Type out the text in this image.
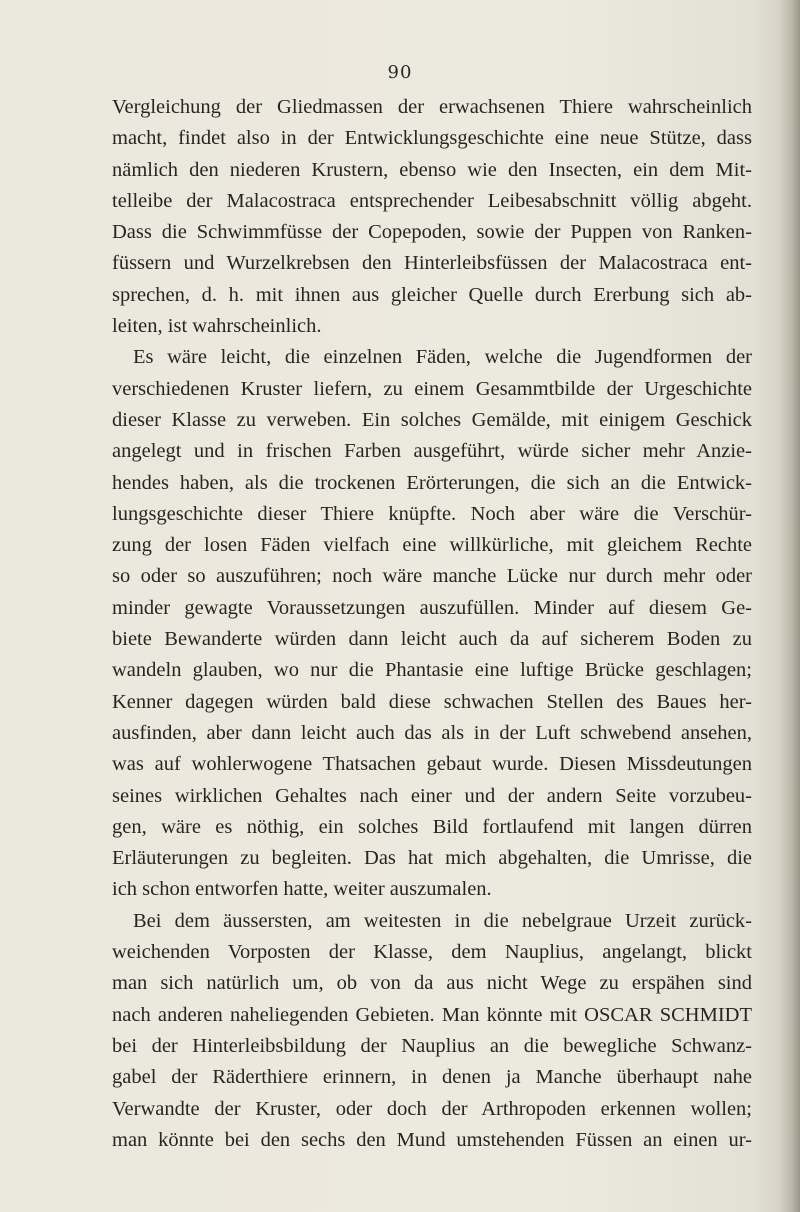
90
Vergleichung der Gliedmassen der erwachsenen Thiere wahrscheinlich
macht, findet also in der Entwicklungsgeschichte eine neue Stütze, dass
nämlich den niederen Krustern, ebenso wie den Insecten, ein dem Mit-
telleibe der Malacostraca entsprechender Leibesabschnitt völlig abgeht.
Dass die Schwimmfüsse der Copepoden, sowie der Puppen von Ranken-
füssern und Wurzelkrebsen den Hinterleibsfüssen der Malacostraca ent-
sprechen, d. h. mit ihnen aus gleicher Quelle durch Ererbung sich ab-
leiten, ist wahrscheinlich.
Es wäre leicht, die einzelnen Fäden, welche die Jugendformen der
verschiedenen Kruster liefern, zu einem Gesammtbilde der Urgeschichte
dieser Klasse zu verweben. Ein solches Gemälde, mit einigem Geschick
angelegt und in frischen Farben ausgeführt, würde sicher mehr Anzie-
hendes haben, als die trockenen Erörterungen, die sich an die Entwick-
lungsgeschichte dieser Thiere knüpfte. Noch aber wäre die Verschür-
zung der losen Fäden vielfach eine willkürliche, mit gleichem Rechte
so oder so auszuführen; noch wäre manche Lücke nur durch mehr oder
minder gewagte Voraussetzungen auszufüllen. Minder auf diesem Ge-
biete Bewanderte würden dann leicht auch da auf sicherem Boden zu
wandeln glauben, wo nur die Phantasie eine luftige Brücke geschlagen;
Kenner dagegen würden bald diese schwachen Stellen des Baues her-
ausfinden, aber dann leicht auch das als in der Luft schwebend ansehen,
was auf wohlerwogene Thatsachen gebaut wurde. Diesen Missdeutungen
seines wirklichen Gehaltes nach einer und der andern Seite vorzubeu-
gen, wäre es nöthig, ein solches Bild fortlaufend mit langen dürren
Erläuterungen zu begleiten. Das hat mich abgehalten, die Umrisse, die
ich schon entworfen hatte, weiter auszumalen.
Bei dem äussersten, am weitesten in die nebelgraue Urzeit zurück-
weichenden Vorposten der Klasse, dem Nauplius, angelangt, blickt
man sich natürlich um, ob von da aus nicht Wege zu erspähen sind
nach anderen naheliegenden Gebieten. Man könnte mit OSCAR SCHMIDT
bei der Hinterleibsbildung der Nauplius an die bewegliche Schwanz-
gabel der Räderthiere erinnern, in denen ja Manche überhaupt nahe
Verwandte der Kruster, oder doch der Arthropoden erkennen wollen;
man könnte bei den sechs den Mund umstehenden Füssen an einen ur-
